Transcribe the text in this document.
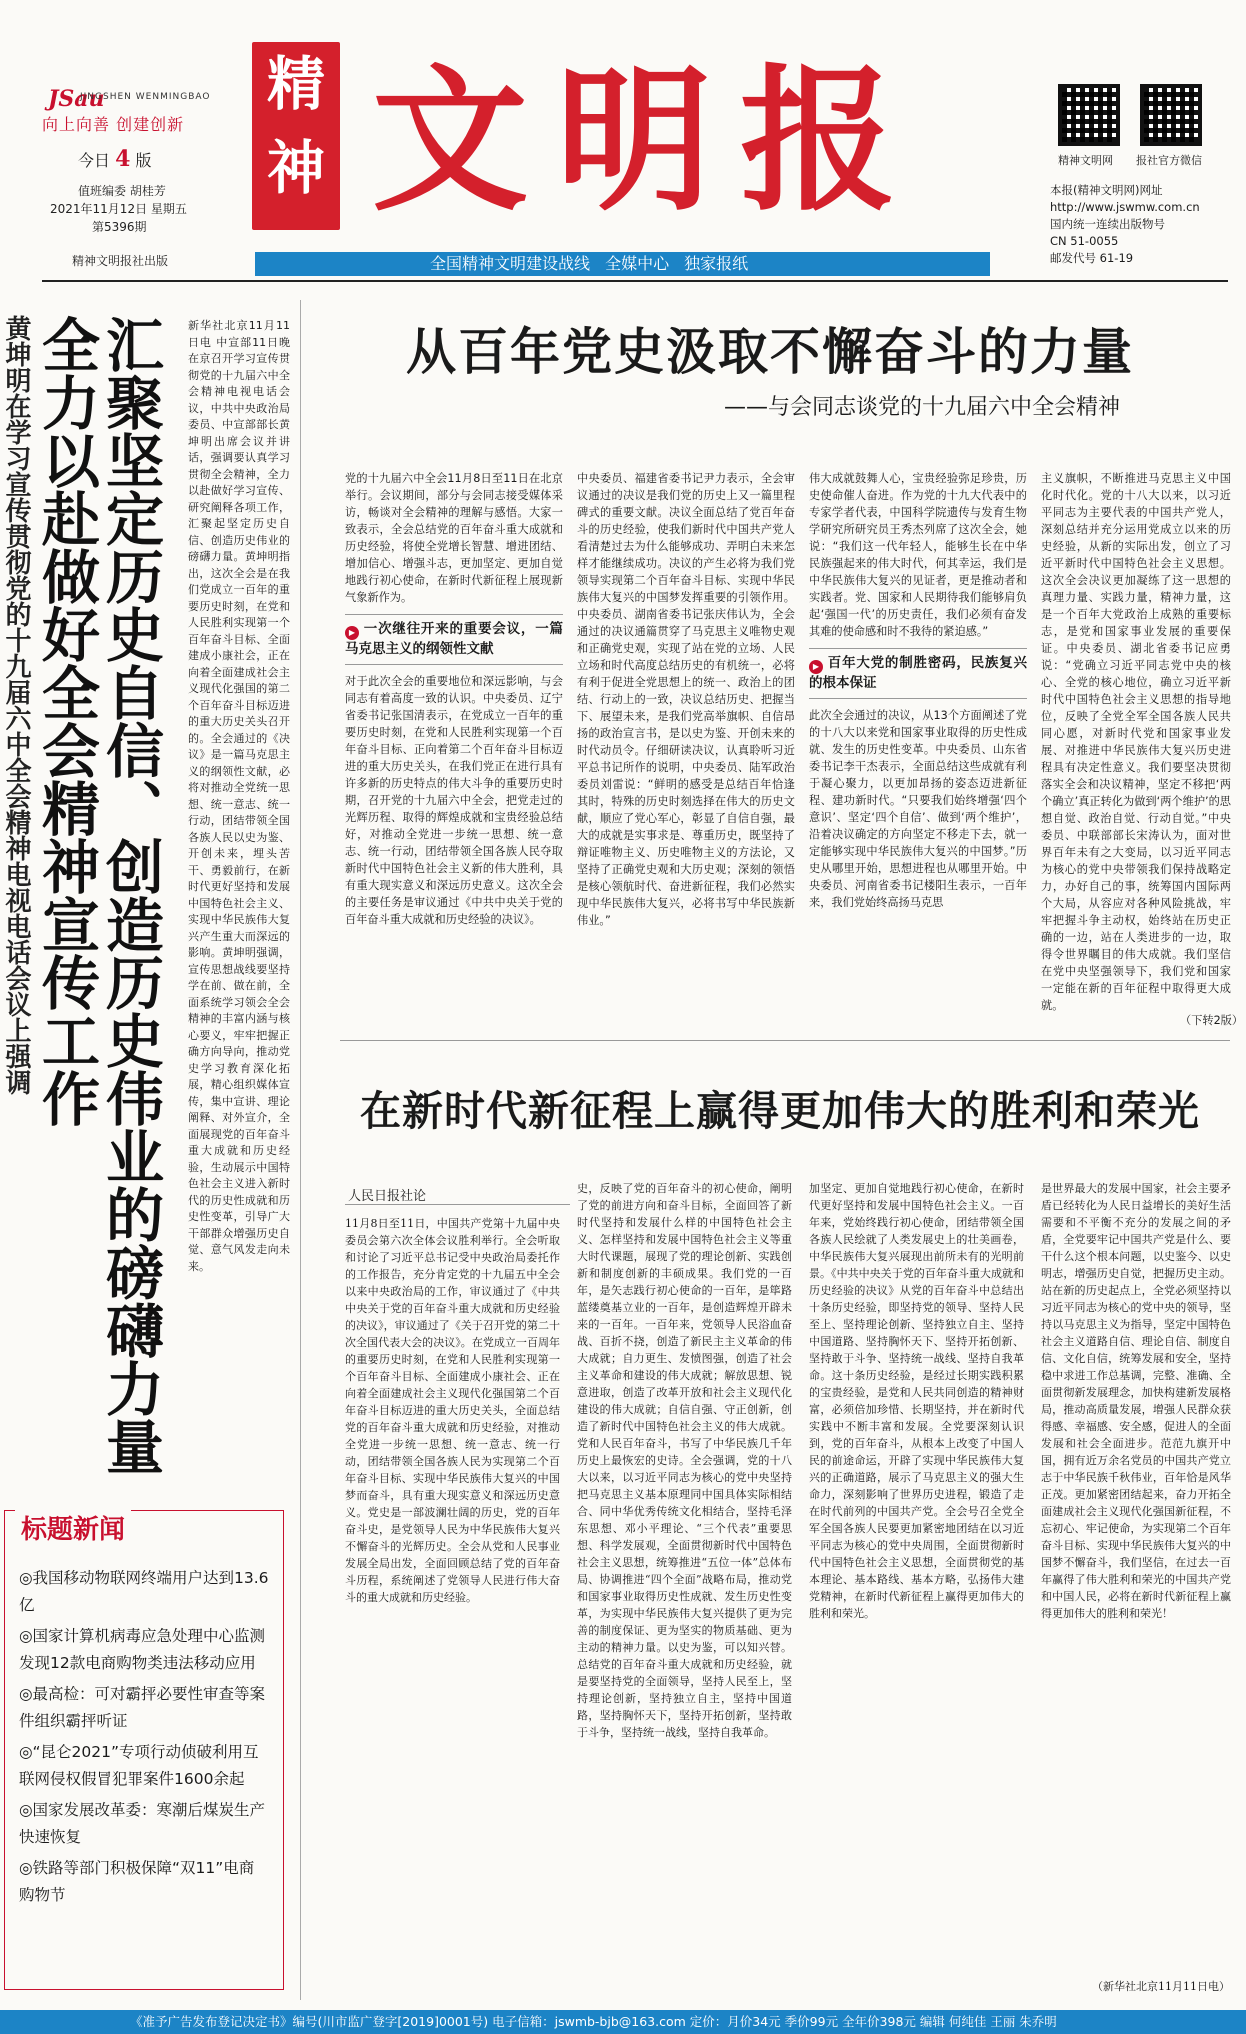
JSau
JINGSHEN WENMINGBAO
向上向善 创建创新
今日 4 版
值班编委 胡桂芳
2021年11月12日 星期五
第5396期
精神文明报社出版
精
神 文明报
全国精神文明建设战线 全媒中心 独家报纸
精神文明网 报社官方微信
本报(精神文明网)网址
http://www.jswmw.com.cn
国内统一连续出版物号
CN 51-0055
邮发代号 61-19
黄坤明在学习宣传贯彻党的十九届六中全会精神电视电话会议上强调 全力以赴做好全会精神宣传工作
汇聚坚定历史自信、创造历史伟业的磅礴力量 新华社北京11月11日电 中宣部11日晚在京召开学习宣传贯彻党的十九届六中全会精神电视电话会议，中共中央政治局委员、中宣部部长黄坤明出席会议并讲话，强调要认真学习贯彻全会精神，全力以赴做好学习宣传、研究阐释各项工作，汇聚起坚定历史自信、创造历史伟业的磅礴力量。黄坤明指出，这次全会是在我们党成立一百年的重要历史时刻，在党和人民胜利实现第一个百年奋斗目标、全面建成小康社会，正在向着全面建成社会主义现代化强国的第二个百年奋斗目标迈进的重大历史关头召开的。全会通过的《决议》是一篇马克思主义的纲领性文献，必将对推动全党统一思想、统一意志、统一行动，团结带领全国各族人民以史为鉴、开创未来，埋头苦干、勇毅前行，在新时代更好坚持和发展中国特色社会主义、实现中华民族伟大复兴产生重大而深远的影响。黄坤明强调，宣传思想战线要坚持学在前、做在前，全面系统学习领会全会精神的丰富内涵与核心要义，牢牢把握正确方向导向，推动党史学习教育深化拓展，精心组织媒体宣传，集中宣讲、理论阐释、对外宣介，全面展现党的百年奋斗重大成就和历史经验，生动展示中国特色社会主义进入新时代的历史性成就和历史性变革，引导广大干部群众增强历史自觉、意气风发走向未来。
从百年党史汲取不懈奋斗的力量
——与会同志谈党的十九届六中全会精神

党的十九届六中全会11月8日至11日在北京举行。会议期间，部分与会同志接受媒体采访，畅谈对全会精神的理解与感悟。大家一致表示，全会总结党的百年奋斗重大成就和历史经验，将使全党增长智慧、增进团结、增加信心、增强斗志，更加坚定、更加自觉地践行初心使命，在新时代新征程上展现新气象新作为。

▶ 一次继往开来的重要会议，一篇马克思主义的纲领性文献

对于此次全会的重要地位和深远影响，与会同志有着高度一致的认识。中央委员、辽宁省委书记张国清表示，在党成立一百年的重要历史时刻，在党和人民胜利实现第一个百年奋斗目标、正向着第二个百年奋斗目标迈进的重大历史关头，在我们党正在进行具有许多新的历史特点的伟大斗争的重要历史时期，召开党的十九届六中全会，把党走过的光辉历程、取得的辉煌成就和宝贵经验总结好，对推动全党进一步统一思想、统一意志、统一行动，团结带领全国各族人民夺取新时代中国特色社会主义新的伟大胜利，具有重大现实意义和深远历史意义。这次全会的主要任务是审议通过《中共中央关于党的百年奋斗重大成就和历史经验的决议》。

中央委员、福建省委书记尹力表示，全会审议通过的决议是我们党的历史上又一篇里程碑式的重要文献。决议全面总结了党百年奋斗的历史经验，使我们新时代中国共产党人看清楚过去为什么能够成功、弄明白未来怎样才能继续成功。决议的产生必将为我们党领导实现第二个百年奋斗目标、实现中华民族伟大复兴的中国梦发挥重要的引领作用。中央委员、湖南省委书记张庆伟认为，全会通过的决议通篇贯穿了马克思主义唯物史观和正确党史观，实现了站在党的立场、人民立场和时代高度总结历史的有机统一，必将有利于促进全党思想上的统一、政治上的团结、行动上的一致，决议总结历史、把握当下、展望未来，是我们党高举旗帜、自信昂扬的政治宣言书，是以史为鉴、开创未来的时代动员令。仔细研读决议，认真聆听习近平总书记所作的说明，中央委员、陆军政治委员刘雷说：“鲜明的感受是总结百年恰逢其时，特殊的历史时刻选择在伟大的历史文献，顺应了党心军心，彰显了自信自强，最大的成就是实事求是、尊重历史，既坚持了辩证唯物主义、历史唯物主义的方法论，又坚持了正确党史观和大历史观；深刻的领悟是核心领航时代、奋进新征程，我们必然实现中华民族伟大复兴，必将书写中华民族新伟业。”

伟大成就鼓舞人心，宝贵经验弥足珍贵，历史使命催人奋进。作为党的十九大代表中的专家学者代表，中国科学院遗传与发育生物学研究所研究员王秀杰列席了这次全会，她说：“我们这一代年轻人，能够生长在中华民族强起来的伟大时代，何其幸运，我们是中华民族伟大复兴的见证者，更是推动者和实践者。党、国家和人民期待我们能够肩负起‘强国一代’的历史责任，我们必须有奋发其难的使命感和时不我待的紧迫感。”

▶ 百年大党的制胜密码，民族复兴的根本保证

此次全会通过的决议，从13个方面阐述了党的十八大以来党和国家事业取得的历史性成就、发生的历史性变革。中央委员、山东省委书记李干杰表示，全面总结这些成就有利于凝心聚力，以更加昂扬的姿态迈进新征程、建功新时代。“只要我们始终增强‘四个意识’、坚定‘四个自信’、做到‘两个维护’，沿着决议确定的方向坚定不移走下去，就一定能够实现中华民族伟大复兴的中国梦。”历史从哪里开始，思想进程也从哪里开始。中央委员、河南省委书记楼阳生表示，一百年来，我们党始终高扬马克思

主义旗帜，不断推进马克思主义中国化时代化。党的十八大以来，以习近平同志为主要代表的中国共产党人，深刻总结并充分运用党成立以来的历史经验，从新的实际出发，创立了习近平新时代中国特色社会主义思想。这次全会决议更加凝练了这一思想的真理力量、实践力量，精神力量，这是一个百年大党政治上成熟的重要标志，是党和国家事业发展的重要保证。中央委员、湖北省委书记应勇说：“党确立习近平同志党中央的核心、全党的核心地位，确立习近平新时代中国特色社会主义思想的指导地位，反映了全党全军全国各族人民共同心愿，对新时代党和国家事业发展、对推进中华民族伟大复兴历史进程具有决定性意义。我们要坚决贯彻落实全会和决议精神，坚定不移把‘两个确立’真正转化为做到‘两个维护’的思想自觉、政治自觉、行动自觉。”中央委员、中联部部长宋涛认为，面对世界百年未有之大变局，以习近平同志为核心的党中央带领我们保持战略定力，办好自己的事，统筹国内国际两个大局，从容应对各种风险挑战，牢牢把握斗争主动权，始终站在历史正确的一边，站在人类进步的一边，取得令世界瞩目的伟大成就。我们坚信在党中央坚强领导下，我们党和国家一定能在新的百年征程中取得更大成就。
（下转2版）
在新时代新征程上赢得更加伟大的胜利和荣光
人民日报社论
11月8日至11日，中国共产党第十九届中央委员会第六次全体会议胜利举行。全会听取和讨论了习近平总书记受中央政治局委托作的工作报告，充分肯定党的十九届五中全会以来中央政治局的工作，审议通过了《中共中央关于党的百年奋斗重大成就和历史经验的决议》，审议通过了《关于召开党的第二十次全国代表大会的决议》。在党成立一百周年的重要历史时刻，在党和人民胜利实现第一个百年奋斗目标、全面建成小康社会、正在向着全面建成社会主义现代化强国第二个百年奋斗目标迈进的重大历史关头，全面总结党的百年奋斗重大成就和历史经验，对推动全党进一步统一思想、统一意志、统一行动，团结带领全国各族人民为实现第二个百年奋斗目标、实现中华民族伟大复兴的中国梦而奋斗，具有重大现实意义和深远历史意义。党史是一部波澜壮阔的历史，党的百年奋斗史，是党领导人民为中华民族伟大复兴不懈奋斗的光辉历史。全会从党和人民事业发展全局出发，全面回顾总结了党的百年奋斗历程，系统阐述了党领导人民进行伟大奋斗的重大成就和历史经验。
史，反映了党的百年奋斗的初心使命，阐明了党的前进方向和奋斗目标，全面回答了新时代坚持和发展什么样的中国特色社会主义、怎样坚持和发展中国特色社会主义等重大时代课题，展现了党的理论创新、实践创新和制度创新的丰硕成果。我们党的一百年，是矢志践行初心使命的一百年，是筚路蓝缕奠基立业的一百年，是创造辉煌开辟未来的一百年。一百年来，党领导人民浴血奋战、百折不挠，创造了新民主主义革命的伟大成就；自力更生、发愤图强，创造了社会主义革命和建设的伟大成就；解放思想、锐意进取，创造了改革开放和社会主义现代化建设的伟大成就；自信自强、守正创新，创造了新时代中国特色社会主义的伟大成就。党和人民百年奋斗，书写了中华民族几千年历史上最恢宏的史诗。全会强调，党的十八大以来，以习近平同志为核心的党中央坚持把马克思主义基本原理同中国具体实际相结合、同中华优秀传统文化相结合，坚持毛泽东思想、邓小平理论、“三个代表”重要思想、科学发展观，全面贯彻新时代中国特色社会主义思想，统筹推进“五位一体”总体布局、协调推进“四个全面”战略布局，推动党和国家事业取得历史性成就、发生历史性变革，为实现中华民族伟大复兴提供了更为完善的制度保证、更为坚实的物质基础、更为主动的精神力量。以史为鉴，可以知兴替。总结党的百年奋斗重大成就和历史经验，就是要坚持党的全面领导，坚持人民至上，坚持理论创新，坚持独立自主，坚持中国道路，坚持胸怀天下，坚持开拓创新，坚持敢于斗争，坚持统一战线，坚持自我革命。
加坚定、更加自觉地践行初心使命，在新时代更好坚持和发展中国特色社会主义。一百年来，党始终践行初心使命，团结带领全国各族人民绘就了人类发展史上的壮美画卷，中华民族伟大复兴展现出前所未有的光明前景。《中共中央关于党的百年奋斗重大成就和历史经验的决议》从党的百年奋斗中总结出十条历史经验，即坚持党的领导、坚持人民至上、坚持理论创新、坚持独立自主、坚持中国道路、坚持胸怀天下、坚持开拓创新、坚持敢于斗争、坚持统一战线、坚持自我革命。这十条历史经验，是经过长期实践积累的宝贵经验，是党和人民共同创造的精神财富，必须倍加珍惜、长期坚持，并在新时代实践中不断丰富和发展。全党要深刻认识到，党的百年奋斗，从根本上改变了中国人民的前途命运，开辟了实现中华民族伟大复兴的正确道路，展示了马克思主义的强大生命力，深刻影响了世界历史进程，锻造了走在时代前列的中国共产党。全会号召全党全军全国各族人民要更加紧密地团结在以习近平同志为核心的党中央周围，全面贯彻新时代中国特色社会主义思想，全面贯彻党的基本理论、基本路线、基本方略，弘扬伟大建党精神，在新时代新征程上赢得更加伟大的胜利和荣光。
是世界最大的发展中国家，社会主要矛盾已经转化为人民日益增长的美好生活需要和不平衡不充分的发展之间的矛盾，全党要牢记中国共产党是什么、要干什么这个根本问题，以史鉴今、以史明志，增强历史自觉，把握历史主动。站在新的历史起点上，全党必须坚持以习近平同志为核心的党中央的领导，坚持以马克思主义为指导，坚定中国特色社会主义道路自信、理论自信、制度自信、文化自信，统筹发展和安全，坚持稳中求进工作总基调，完整、准确、全面贯彻新发展理念，加快构建新发展格局，推动高质量发展，增强人民群众获得感、幸福感、安全感，促进人的全面发展和社会全面进步。范范九旗开中国，拥有近万余名党员的中国共产党立志于中华民族千秋伟业，百年恰是风华正茂。更加紧密团结起来，奋力开拓全面建成社会主义现代化强国新征程，不忘初心、牢记使命，为实现第二个百年奋斗目标、实现中华民族伟大复兴的中国梦不懈奋斗，我们坚信，在过去一百年赢得了伟大胜利和荣光的中国共产党和中国人民，必将在新时代新征程上赢得更加伟大的胜利和荣光！
（新华社北京11月11日电）
标题新闻
◎我国移动物联网终端用户达到13.6亿
◎国家计算机病毒应急处理中心监测发现12款电商购物类违法移动应用
◎最高检：可对霸抨必要性审查等案件组织霸抨听证
◎“昆仑2021”专项行动侦破利用互联网侵权假冒犯罪案件1600余起
◎国家发展改革委：寒潮后煤炭生产快速恢复
◎铁路等部门积极保障“双11”电商购物节
《准予广告发布登记决定书》编号(川市监广登字[2019]0001号) 电子信箱：jswmb-bjb@163.com 定价：月价34元 季价99元 全年价398元 编辑 何纯佳 王丽 朱乔明
